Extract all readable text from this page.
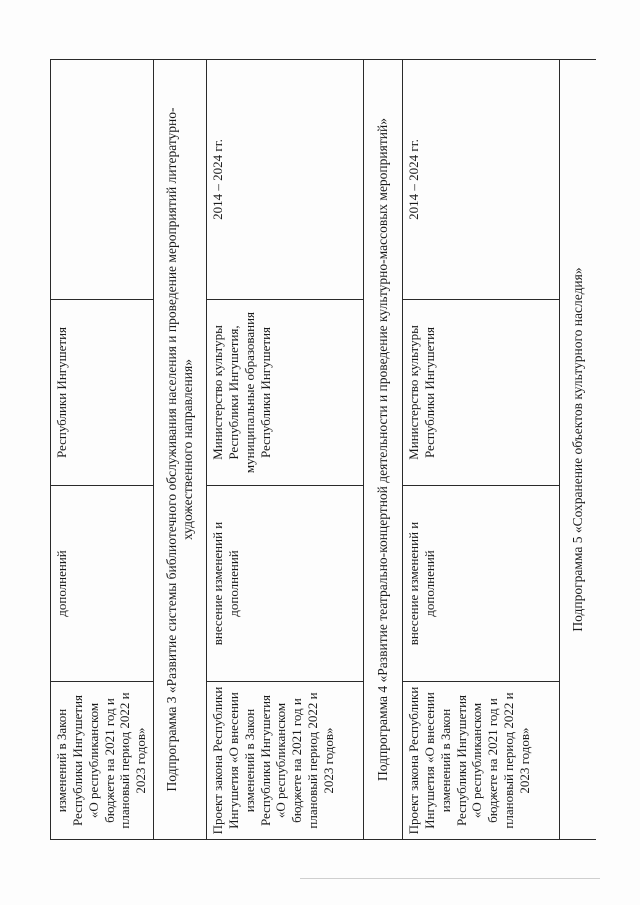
изменений в Закон Республики Ингушетия «О республиканском бюджете на 2021 год и плановый период 2022 и 2023 годов»	дополнений	Республики Ингушетия	
Подпрограмма 3 «Развитие системы библиотечного обслуживания населения и проведение мероприятий литературно-художественного направления»			
Проект закона Республики Ингушетия «О внесении изменений в Закон Республики Ингушетия «О республиканском бюджете на 2021 год и плановый период 2022 и 2023 годов»	внесение изменений и дополнений	Министерство культуры Республики Ингушетия, муниципальные образования Республики Ингушетия	2014 – 2024 гг.
Подпрограмма 4 «Развитие театрально-концертной деятельности и проведение культурно-массовых мероприятий»			
Проект закона Республики Ингушетия «О внесении изменений в Закон Республики Ингушетия «О республиканском бюджете на 2021 год и плановый период 2022 и 2023 годов»	внесение изменений и дополнений	Министерство культуры Республики Ингушетия	2014 – 2024 гг.
Подпрограмма 5 «Сохранение объектов культурного наследия»			
